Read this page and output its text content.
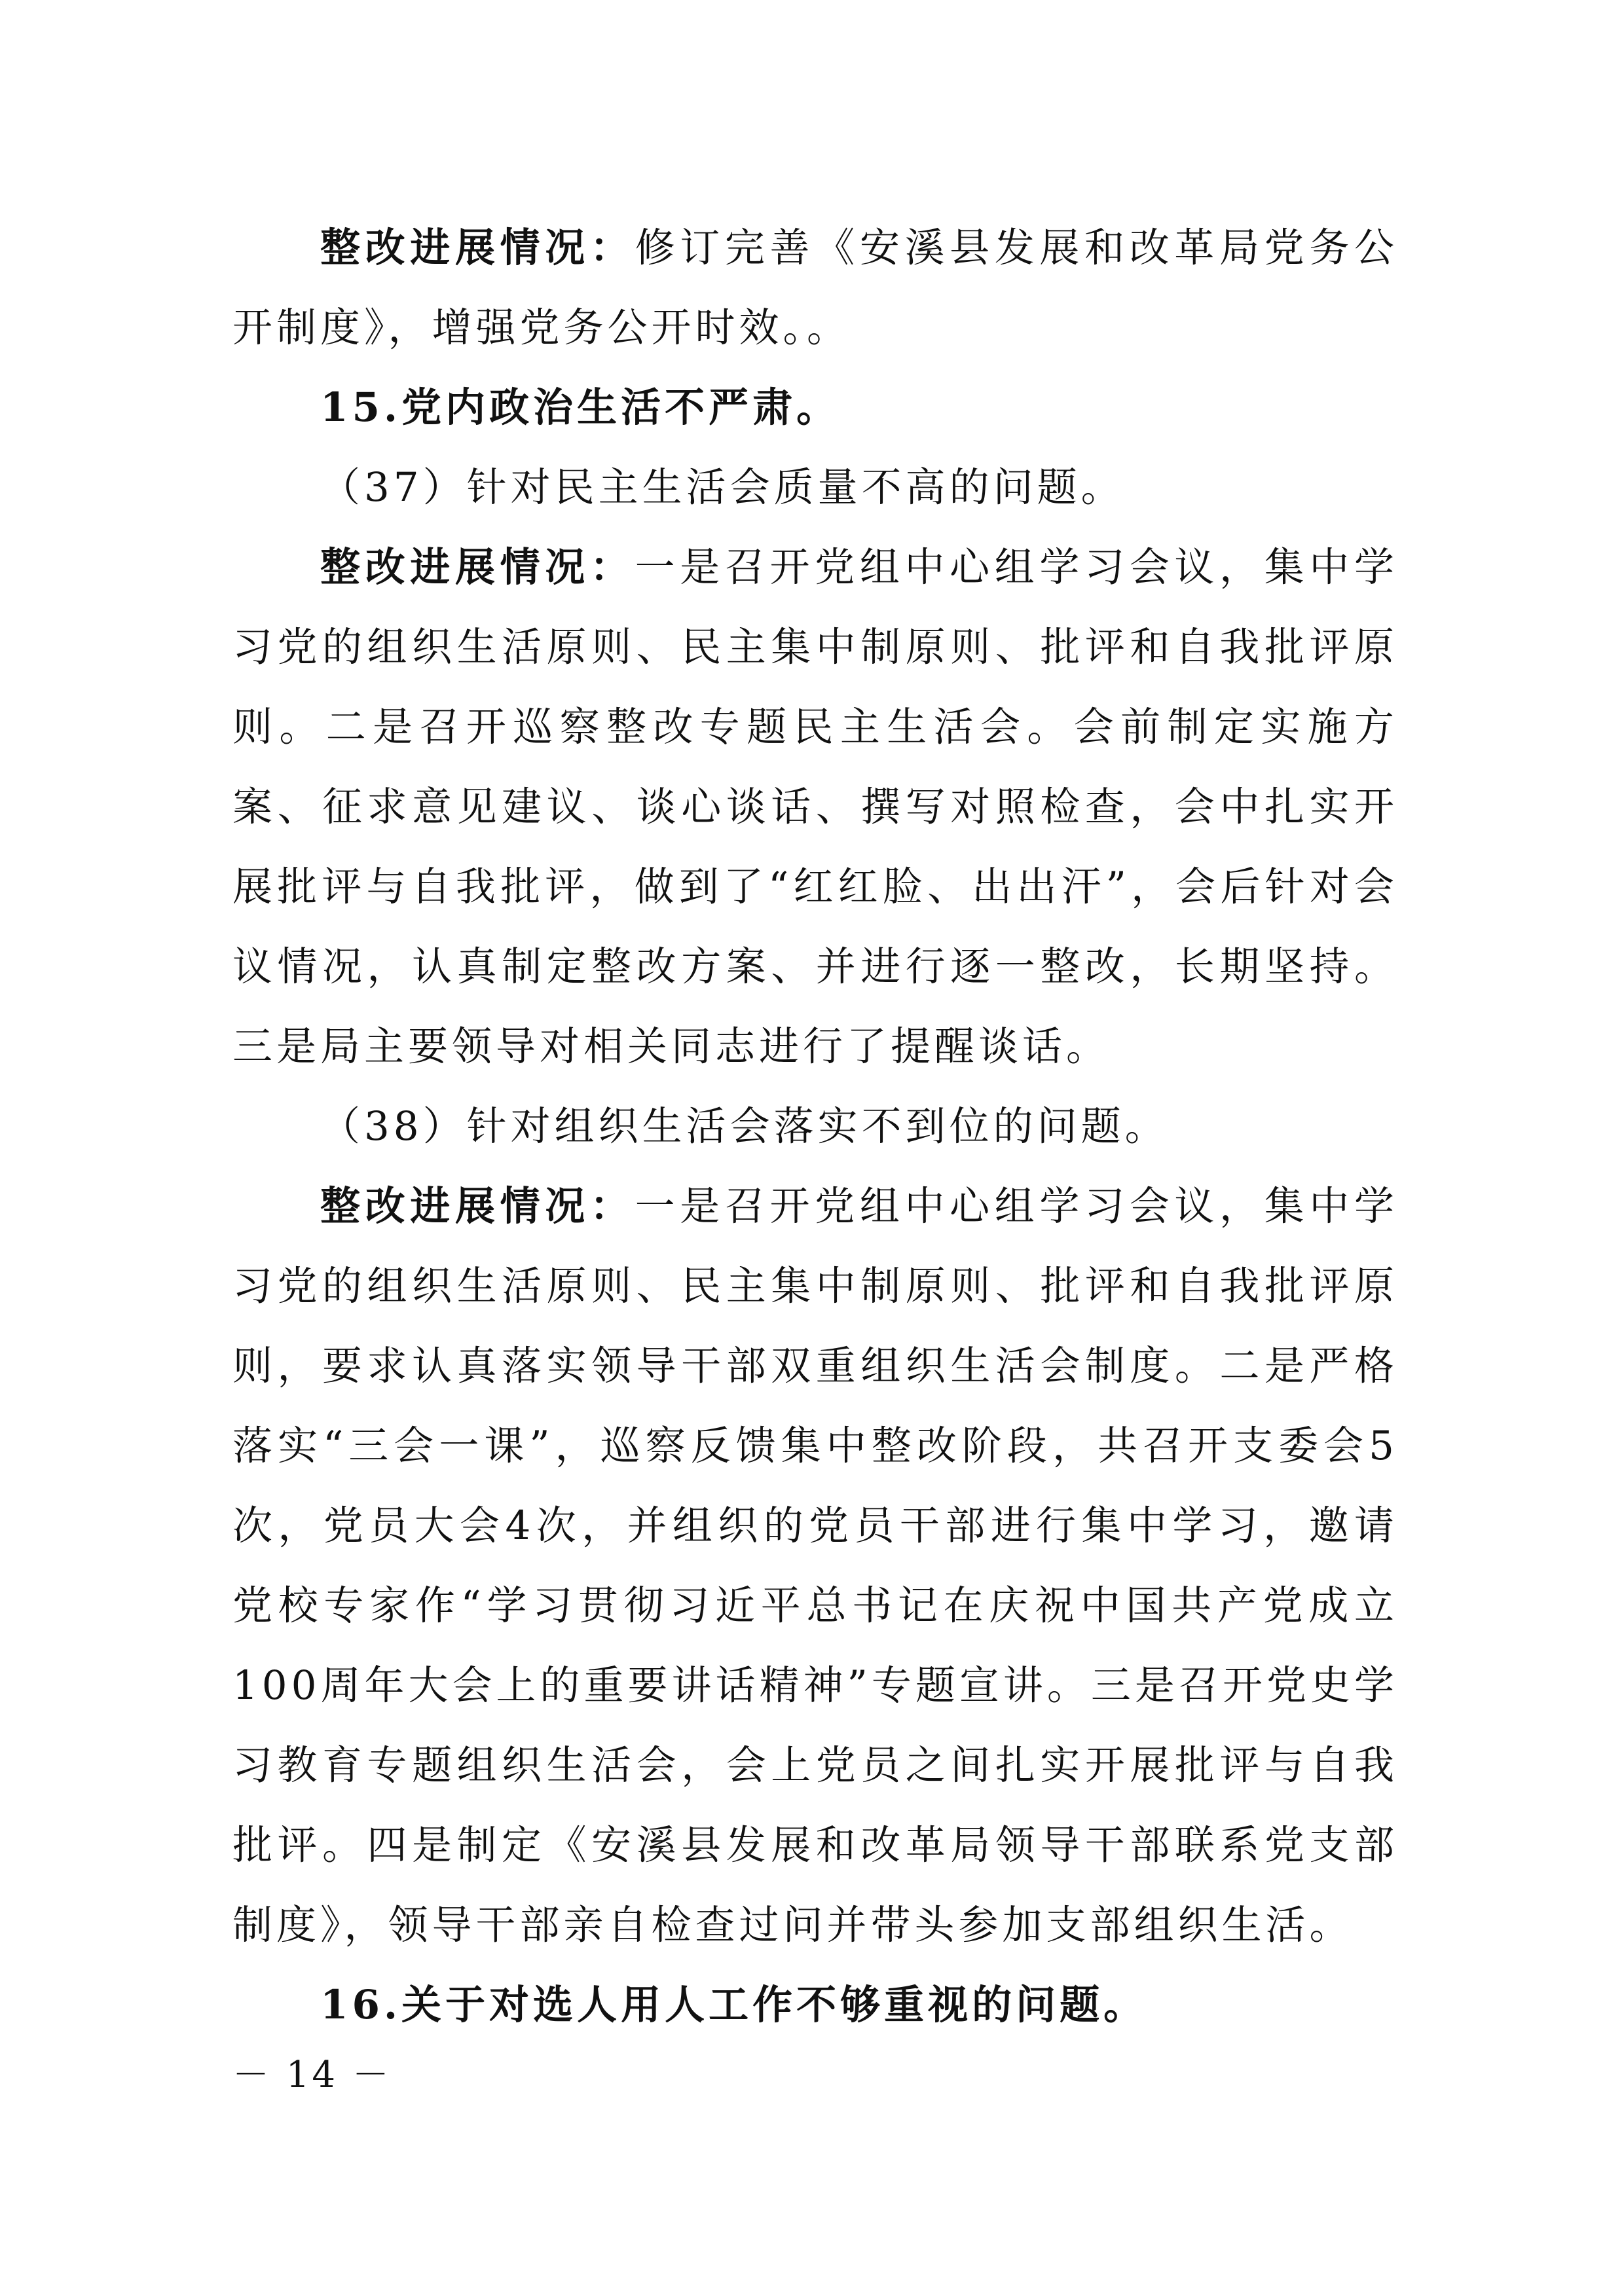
整改进展情况：修订完善《安溪县发展和改革局党务公开制度》，增强党务公开时效。。

15.党内政治生活不严肃。

（37）针对民主生活会质量不高的问题。

整改进展情况：一是召开党组中心组学习会议，集中学习党的组织生活原则、民主集中制原则、批评和自我批评原则。二是召开巡察整改专题民主生活会。会前制定实施方案、征求意见建议、谈心谈话、撰写对照检查，会中扎实开展批评与自我批评，做到了“红红脸、出出汗”，会后针对会议情况，认真制定整改方案、并进行逐一整改，长期坚持。三是局主要领导对相关同志进行了提醒谈话。

（38）针对组织生活会落实不到位的问题。

整改进展情况：一是召开党组中心组学习会议，集中学习党的组织生活原则、民主集中制原则、批评和自我批评原则，要求认真落实领导干部双重组织生活会制度。二是严格落实“三会一课”，巡察反馈集中整改阶段，共召开支委会5次，党员大会4次，并组织的党员干部进行集中学习，邀请党校专家作“学习贯彻习近平总书记在庆祝中国共产党成立100周年大会上的重要讲话精神”专题宣讲。三是召开党史学习教育专题组织生活会，会上党员之间扎实开展批评与自我批评。四是制定《安溪县发展和改革局领导干部联系党支部制度》，领导干部亲自检查过问并带头参加支部组织生活。

16.关于对选人用人工作不够重视的问题。

－ 14 －
